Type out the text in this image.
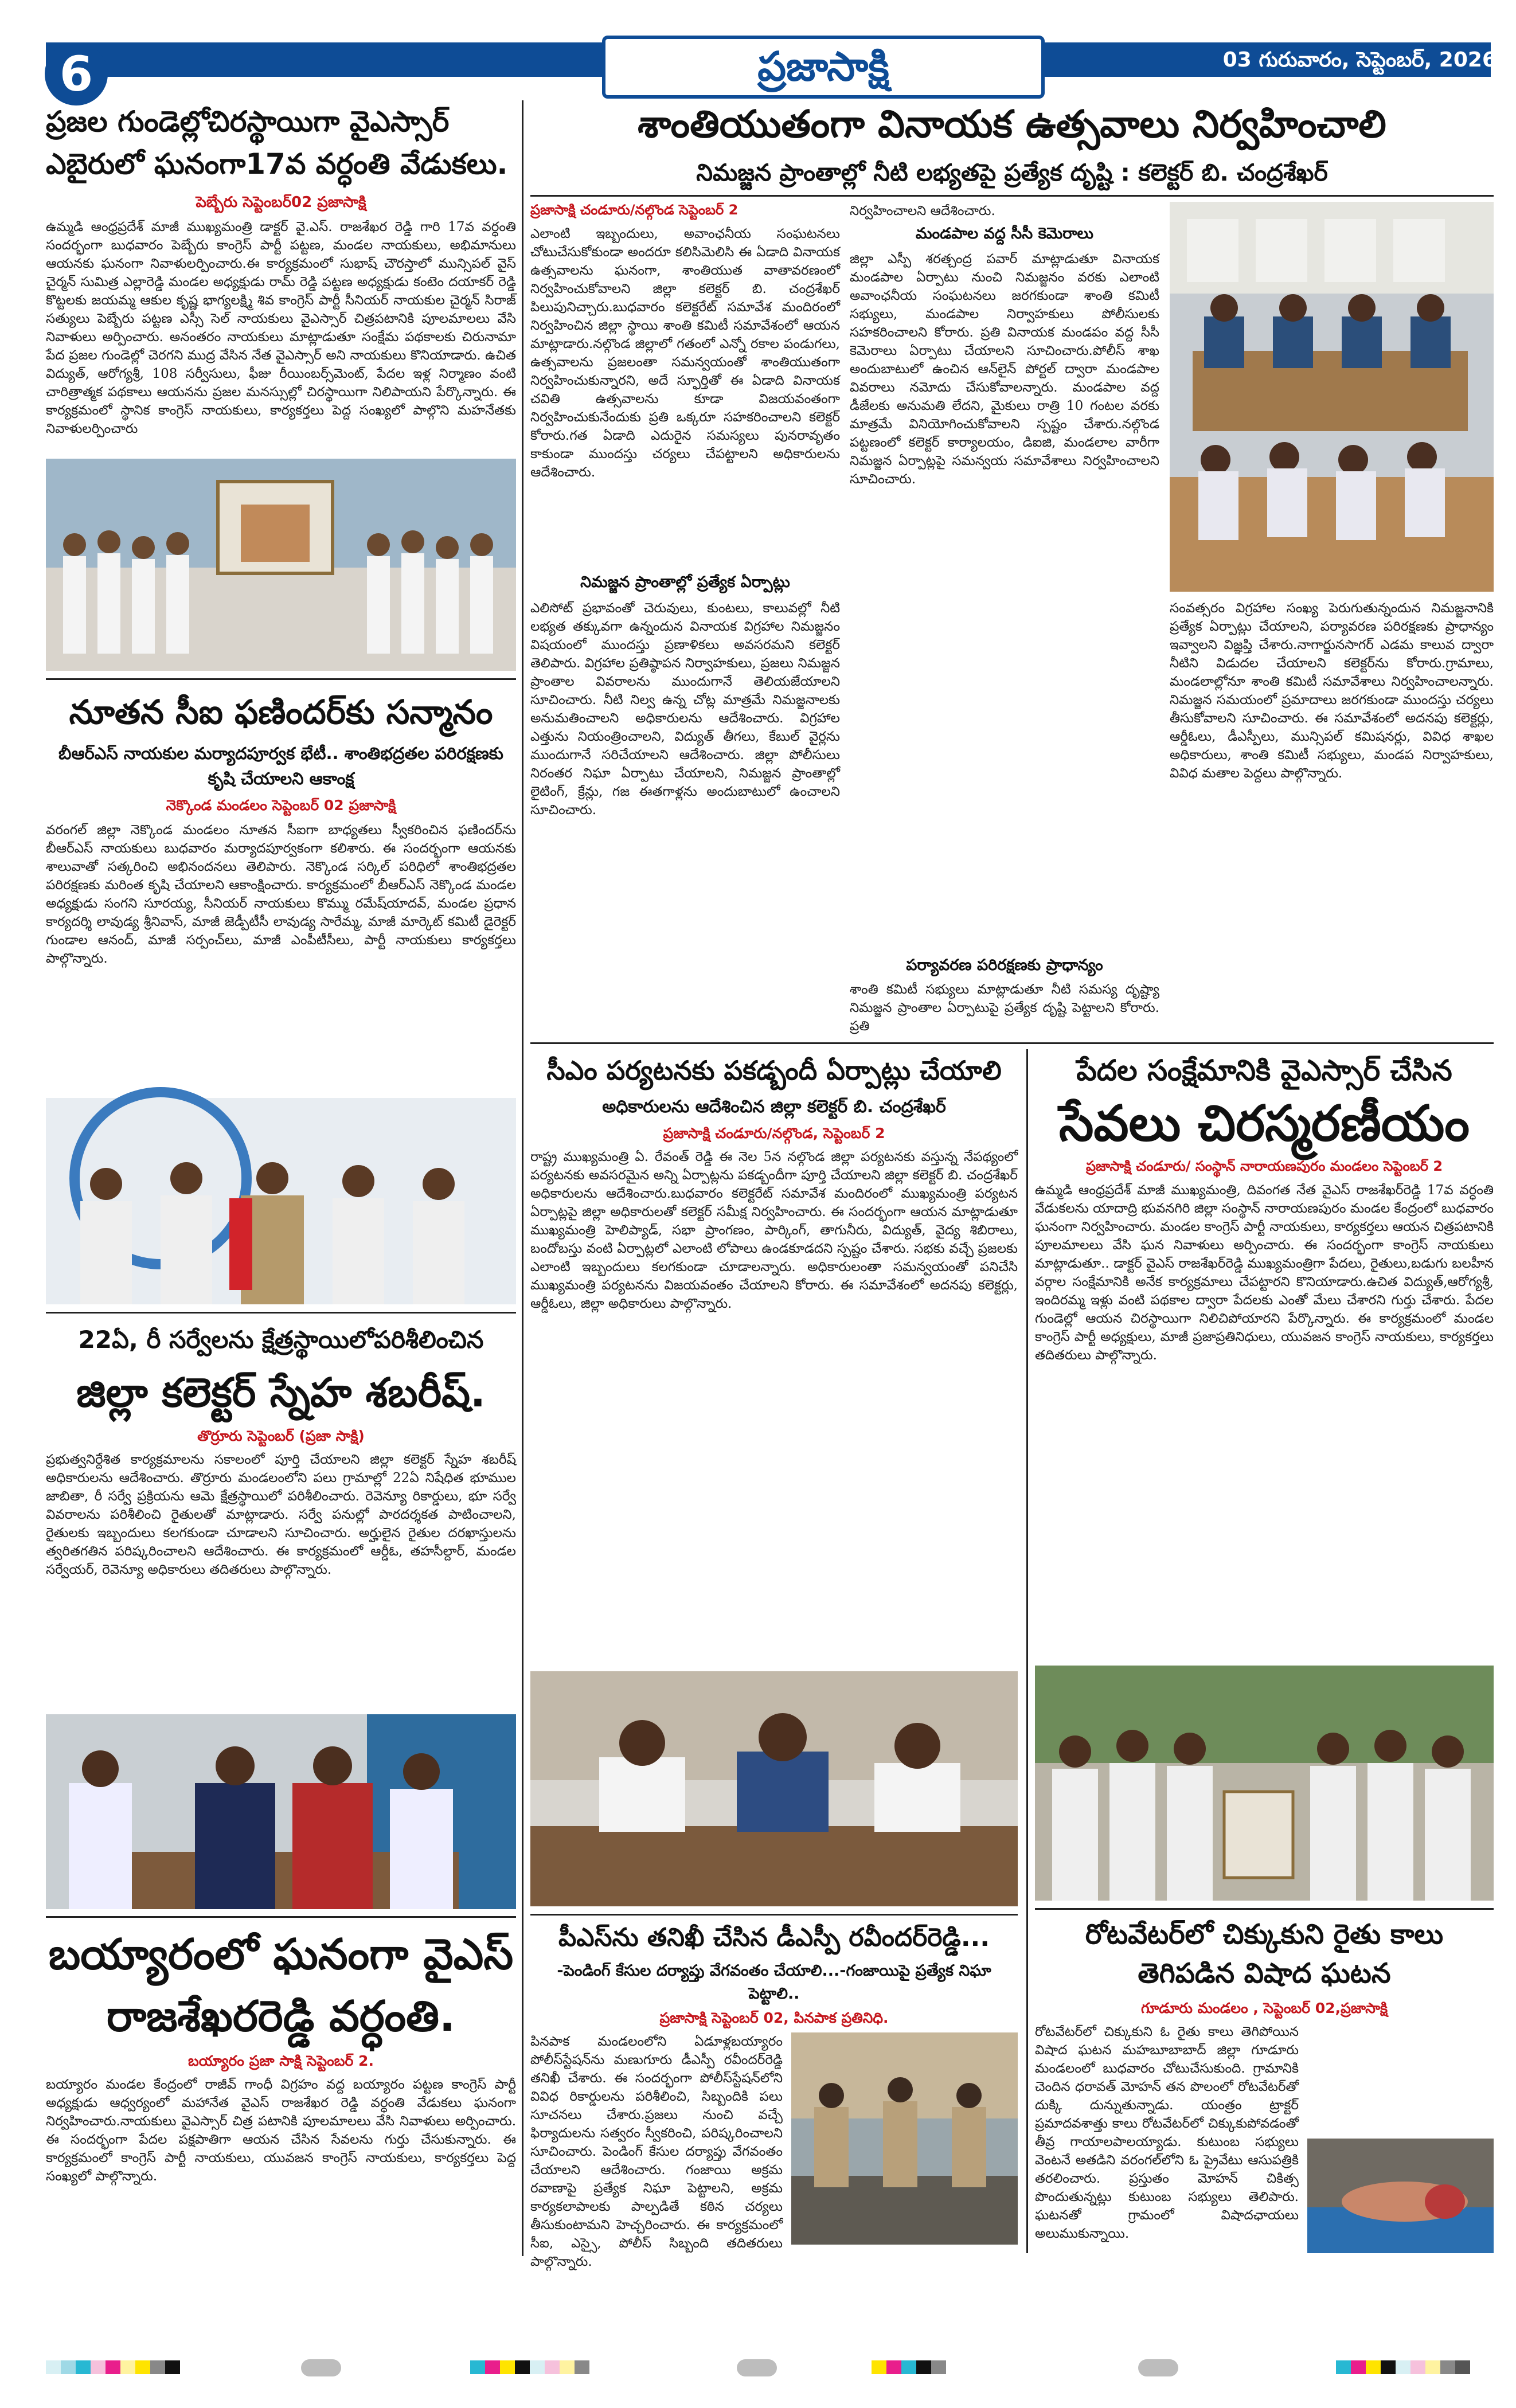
6	ప్రజాసాక్షి	03 గురువారం, సెప్టెంబర్, 2026
ప్రజల గుండెల్లోచిరస్థాయిగా వైఎస్సార్ ఎబైరులో ఘనంగా17వ వర్ధంతి వేడుకలు.
పెబ్బేరు సెప్టెంబర్02 ప్రజాసాక్షి
ఉమ్మడి ఆంధ్రప్రదేశ్ మాజీ ముఖ్యమంత్రి డాక్టర్ వై.ఎస్. రాజశేఖర రెడ్డి గారి 17వ వర్ధంతి సందర్భంగా బుధవారం పెబ్బేరు కాంగ్రెస్ పార్టీ పట్టణ, మండల నాయకులు, అభిమానులు ఆయనకు ఘనంగా నివాళులర్పించారు.ఈ కార్యక్రమంలో సుభాష్ చౌరస్తాలో మున్సిపల్ వైస్ చైర్మన్ సుమిత్ర ఎల్లారెడ్డి మండల అధ్యక్షుడు రామ్ రెడ్డి పట్టణ అధ్యక్షుడు కంటెం దయాకర్ రెడ్డి కొట్టలకు జయమ్మ ఆకుల కృష్ణ భాగ్యలక్ష్మి శివ కాంగ్రెస్ పార్టీ సీనియర్ నాయకుల చైర్మన్ సిరాజ్ సత్యులు పెబ్బేరు పట్టణ ఎస్సీ సెల్ నాయకులు వైఎస్సార్ చిత్రపటానికి పూలమాలలు వేసి నివాళులు అర్పించారు. అనంతరం నాయకులు మాట్లాడుతూ సంక్షేమ పథకాలకు చిరునామా పేద ప్రజల గుండెల్లో చెరగని ముద్ర వేసిన నేత వైఎస్సార్ అని నాయకులు కొనియాడారు. ఉచిత విద్యుత్, ఆరోగ్యశ్రీ, 108 సర్వీసులు, ఫీజు రీయింబర్స్‌మెంట్, పేదల ఇళ్ల నిర్మాణం వంటి చారిత్రాత్మక పథకాలు ఆయనను ప్రజల మనస్సుల్లో చిరస్థాయిగా నిలిపాయని పేర్కొన్నారు. ఈ కార్యక్రమంలో స్థానిక కాంగ్రెస్ నాయకులు, కార్యకర్తలు పెద్ద సంఖ్యలో పాల్గొని మహనేతకు నివాళులర్పించారు
నూతన సీఐ ఫణిందర్‌కు సన్మానం
బీఆర్ఎస్ నాయకుల మర్యాదపూర్వక భేటీ.. శాంతిభద్రతల పరిరక్షణకు కృషి చేయాలని ఆకాంక్ష
నెక్కొండ మండలం సెప్టెంబర్ 02 ప్రజాసాక్షి
వరంగల్ జిల్లా నెక్కొండ మండలం నూతన సీఐగా బాధ్యతలు స్వీకరించిన ఫణిందర్‌ను బీఆర్ఎస్ నాయకులు బుధవారం మర్యాదపూర్వకంగా కలిశారు. ఈ సందర్భంగా ఆయనకు శాలువాతో సత్కరించి అభినందనలు తెలిపారు. నెక్కొండ సర్కిల్ పరిధిలో శాంతిభద్రతల పరిరక్షణకు మరింత కృషి చేయాలని ఆకాంక్షించారు. కార్యక్రమంలో బీఆర్ఎస్ నెక్కొండ మండల అధ్యక్షుడు సంగని సూరయ్య, సీనియర్ నాయకులు కొమ్ము రమేష్‌యాదవ్, మండల ప్రధాన కార్యదర్శి లావుడ్య శ్రీనివాస్, మాజీ జెడ్పీటీసీ లావుడ్య సారేమ్మ, మాజీ మార్కెట్ కమిటీ డైరెక్టర్ గుండాల ఆనంద్, మాజీ సర్పంచ్‌లు, మాజీ ఎంపీటీసీలు, పార్టీ నాయకులు కార్యకర్తలు పాల్గొన్నారు.
22ఏ, రీ సర్వేలను క్షేత్రస్థాయిలోపరిశీలించిన
జిల్లా కలెక్టర్ స్నేహ శబరీష్.
తొర్రూరు సెప్టెంబర్ (ప్రజా సాక్షి)
ప్రభుత్వనిర్దేశిత కార్యక్రమాలను సకాలంలో పూర్తి చేయాలని జిల్లా కలెక్టర్ స్నేహ శబరీష్ అధికారులను ఆదేశించారు. తొర్రూరు మండలంలోని పలు గ్రామాల్లో 22ఏ నిషేధిత భూముల జాబితా, రీ సర్వే ప్రక్రియను ఆమె క్షేత్రస్థాయిలో పరిశీలించారు. రెవెన్యూ రికార్డులు, భూ సర్వే వివరాలను పరిశీలించి రైతులతో మాట్లాడారు. సర్వే పనుల్లో పారదర్శకత పాటించాలని, రైతులకు ఇబ్బందులు కలగకుండా చూడాలని సూచించారు. అర్హులైన రైతుల దరఖాస్తులను త్వరితగతిన పరిష్కరించాలని ఆదేశించారు. ఈ కార్యక్రమంలో ఆర్డీఓ, తహసీల్దార్, మండల సర్వేయర్, రెవెన్యూ అధికారులు తదితరులు పాల్గొన్నారు.
బయ్యారంలో ఘనంగా వైఎస్ రాజశేఖరరెడ్డి వర్ధంతి.
బయ్యారం ప్రజా సాక్షి సెప్టెంబర్ 2.
బయ్యారం మండల కేంద్రంలో రాజీవ్ గాంధీ విగ్రహం వద్ద బయ్యారం పట్టణ కాంగ్రెస్ పార్టీ అధ్యక్షుడు ఆధ్వర్యంలో మహానేత వైఎస్ రాజశేఖర రెడ్డి వర్ధంతి వేడుకలు ఘనంగా నిర్వహించారు.నాయకులు వైఎస్సార్ చిత్ర పటానికి పూలమాలలు వేసి నివాళులు అర్పించారు. ఈ సందర్భంగా పేదల పక్షపాతిగా ఆయన చేసిన సేవలను గుర్తు చేసుకున్నారు. ఈ కార్యక్రమంలో కాంగ్రెస్ పార్టీ నాయకులు, యువజన కాంగ్రెస్ నాయకులు, కార్యకర్తలు పెద్ద సంఖ్యలో పాల్గొన్నారు.
శాంతియుతంగా వినాయక ఉత్సవాలు నిర్వహించాలి
నిమజ్జన ప్రాంతాల్లో నీటి లభ్యతపై ప్రత్యేక దృష్టి : కలెక్టర్ బి. చంద్రశేఖర్
ప్రజాసాక్షి చండూరు/నల్గొండ సెప్టెంబర్ 2
ఎలాంటి ఇబ్బందులు, అవాంఛనీయ సంఘటనలు చోటుచేసుకోకుండా అందరూ కలిసిమెలిసి ఈ ఏడాది వినాయక ఉత్సవాలను ఘనంగా, శాంతియుత వాతావరణంలో నిర్వహించుకోవాలని జిల్లా కలెక్టర్ బి. చంద్రశేఖర్ పిలుపునిచ్చారు.బుధవారం కలెక్టరేట్ సమావేశ మందిరంలో నిర్వహించిన జిల్లా స్థాయి శాంతి కమిటీ సమావేశంలో ఆయన మాట్లాడారు.నల్గొండ జిల్లాలో గతంలో ఎన్నో రకాల పండుగలు, ఉత్సవాలను ప్రజలంతా సమన్వయంతో శాంతియుతంగా నిర్వహించుకున్నారని, అదే స్ఫూర్తితో ఈ ఏడాది వినాయక చవితి ఉత్సవాలను కూడా విజయవంతంగా నిర్వహించుకునేందుకు ప్రతి ఒక్కరూ సహకరించాలని కలెక్టర్ కోరారు.గత ఏడాది ఎదురైన సమస్యలు పునరావృతం కాకుండా ముందస్తు చర్యలు చేపట్టాలని అధికారులను ఆదేశించారు.
నిమజ్జన ప్రాంతాల్లో ప్రత్యేక ఏర్పాట్లు
ఎలిసోట్ ప్రభావంతో చెరువులు, కుంటలు, కాలువల్లో నీటి లభ్యత తక్కువగా ఉన్నందున వినాయక విగ్రహాల నిమజ్జనం విషయంలో ముందస్తు ప్రణాళికలు అవసరమని కలెక్టర్ తెలిపారు. విగ్రహాల ప్రతిష్ఠాపన నిర్వాహకులు, ప్రజలు నిమజ్జన ప్రాంతాల వివరాలను ముందుగానే తెలియజేయాలని సూచించారు. నీటి నిల్వ ఉన్న చోట్ల మాత్రమే నిమజ్జనాలకు అనుమతించాలని అధికారులను ఆదేశించారు. విగ్రహాల ఎత్తును నియంత్రించాలని, విద్యుత్ తీగలు, కేబుల్ వైర్లను ముందుగానే సరిచేయాలని ఆదేశించారు. జిల్లా పోలీసులు నిరంతర నిఘా ఏర్పాటు చేయాలని, నిమజ్జన ప్రాంతాల్లో లైటింగ్, క్రేన్లు, గజ ఈతగాళ్లను అందుబాటులో ఉంచాలని సూచించారు.
నిర్వహించాలని ఆదేశించారు.
మండపాల వద్ద సీసీ కెమెరాలు
జిల్లా ఎస్పీ శరత్చంద్ర పవార్ మాట్లాడుతూ వినాయక మండపాల ఏర్పాటు నుంచి నిమజ్జనం వరకు ఎలాంటి అవాంఛనీయ సంఘటనలు జరగకుండా శాంతి కమిటీ సభ్యులు, మండపాల నిర్వాహకులు పోలీసులకు సహకరించాలని కోరారు. ప్రతి వినాయక మండపం వద్ద సీసీ కెమెరాలు ఏర్పాటు చేయాలని సూచించారు.పోలీస్ శాఖ అందుబాటులో ఉంచిన ఆన్‌లైన్ పోర్టల్ ద్వారా మండపాల వివరాలు నమోదు చేసుకోవాలన్నారు. మండపాల వద్ద డీజేలకు అనుమతి లేదని, మైకులు రాత్రి 10 గంటల వరకు మాత్రమే వినియోగించుకోవాలని స్పష్టం చేశారు.నల్గొండ పట్టణంలో కలెక్టర్ కార్యాలయం, డిఐజి, మండలాల వారీగా నిమజ్జన ఏర్పాట్లపై సమన్వయ సమావేశాలు నిర్వహించాలని సూచించారు.
పర్యావరణ పరిరక్షణకు ప్రాధాన్యం
శాంతి కమిటీ సభ్యులు మాట్లాడుతూ నీటి సమస్య దృష్ట్యా నిమజ్జన ప్రాంతాల ఏర్పాటుపై ప్రత్యేక దృష్టి పెట్టాలని కోరారు. ప్రతి
సంవత్సరం విగ్రహాల సంఖ్య పెరుగుతున్నందున నిమజ్జనానికి ప్రత్యేక ఏర్పాట్లు చేయాలని, పర్యావరణ పరిరక్షణకు ప్రాధాన్యం ఇవ్వాలని విజ్ఞప్తి చేశారు.నాగార్జునసాగర్ ఎడమ కాలువ ద్వారా నీటిని విడుదల చేయాలని కలెక్టర్‌ను కోరారు.గ్రామాలు, మండలాల్లోనూ శాంతి కమిటీ సమావేశాలు నిర్వహించాలన్నారు. నిమజ్జన సమయంలో ప్రమాదాలు జరగకుండా ముందస్తు చర్యలు తీసుకోవాలని సూచించారు. ఈ సమావేశంలో అదనపు కలెక్టర్లు, ఆర్డీఓలు, డీఎస్పీలు, మున్సిపల్ కమిషనర్లు, వివిధ శాఖల అధికారులు, శాంతి కమిటీ సభ్యులు, మండప నిర్వాహకులు, వివిధ మతాల పెద్దలు పాల్గొన్నారు.
సీఎం పర్యటనకు పకడ్బందీ ఏర్పాట్లు చేయాలి
అధికారులను ఆదేశించిన జిల్లా కలెక్టర్ బి. చంద్రశేఖర్
ప్రజాసాక్షి చండూరు/నల్గొండ, సెప్టెంబర్ 2
రాష్ట్ర ముఖ్యమంత్రి ఏ. రేవంత్ రెడ్డి ఈ నెల 5న నల్గొండ జిల్లా పర్యటనకు వస్తున్న నేపథ్యంలో పర్యటనకు అవసరమైన అన్ని ఏర్పాట్లను పకడ్బందీగా పూర్తి చేయాలని జిల్లా కలెక్టర్ బి. చంద్రశేఖర్ అధికారులను ఆదేశించారు.బుధవారం కలెక్టరేట్ సమావేశ మందిరంలో ముఖ్యమంత్రి పర్యటన ఏర్పాట్లపై జిల్లా అధికారులతో కలెక్టర్ సమీక్ష నిర్వహించారు. ఈ సందర్భంగా ఆయన మాట్లాడుతూ ముఖ్యమంత్రి హెలిప్యాడ్, సభా ప్రాంగణం, పార్కింగ్, తాగునీరు, విద్యుత్, వైద్య శిబిరాలు, బందోబస్తు వంటి ఏర్పాట్లలో ఎలాంటి లోపాలు ఉండకూడదని స్పష్టం చేశారు. సభకు వచ్చే ప్రజలకు ఎలాంటి ఇబ్బందులు కలగకుండా చూడాలన్నారు. అధికారులంతా సమన్వయంతో పనిచేసి ముఖ్యమంత్రి పర్యటనను విజయవంతం చేయాలని కోరారు. ఈ సమావేశంలో అదనపు కలెక్టర్లు, ఆర్డీఓలు, జిల్లా అధికారులు పాల్గొన్నారు.
పీఎస్‌ను తనిఖీ చేసిన డీఎస్పీ రవీందర్‌రెడ్డి...
-పెండింగ్ కేసుల దర్యాప్తు వేగవంతం చేయాలి...-గంజాయిపై ప్రత్యేక నిఘా పెట్టాలి..
ప్రజాసాక్షి సెప్టెంబర్ 02, పినపాక ప్రతినిధి.
పినపాక మండలంలోని ఏడూళ్లబయ్యారం పోలీస్‌స్టేషన్‌ను మణుగూరు డీఎస్పీ రవీందర్‌రెడ్డి తనిఖీ చేశారు. ఈ సందర్భంగా పోలీస్‌స్టేషన్‌లోని వివిధ రికార్డులను పరిశీలించి, సిబ్బందికి పలు సూచనలు చేశారు.ప్రజలు నుంచి వచ్చే ఫిర్యాదులను సత్వరం స్వీకరించి, పరిష్కరించాలని సూచించారు. పెండింగ్ కేసుల దర్యాప్తు వేగవంతం చేయాలని ఆదేశించారు. గంజాయి అక్రమ రవాణాపై ప్రత్యేక నిఘా పెట్టాలని, అక్రమ కార్యకలాపాలకు పాల్పడితే కఠిన చర్యలు తీసుకుంటామని హెచ్చరించారు. ఈ కార్యక్రమంలో సీఐ, ఎస్సై, పోలీస్ సిబ్బంది తదితరులు పాల్గొన్నారు.
పేదల సంక్షేమానికి వైఎస్సార్ చేసిన
సేవలు చిరస్మరణీయం
ప్రజాసాక్షి చండూరు/ సంస్థాన్ నారాయణపురం మండలం సెప్టెంబర్ 2
ఉమ్మడి ఆంధ్రప్రదేశ్ మాజీ ముఖ్యమంత్రి, దివంగత నేత వైఎస్ రాజశేఖర్‌రెడ్డి 17వ వర్ధంతి వేడుకలను యాదాద్రి భువనగిరి జిల్లా సంస్థాన్ నారాయణపురం మండల కేంద్రంలో బుధవారం ఘనంగా నిర్వహించారు. మండల కాంగ్రెస్ పార్టీ నాయకులు, కార్యకర్తలు ఆయన చిత్రపటానికి పూలమాలలు వేసి ఘన నివాళులు అర్పించారు. ఈ సందర్భంగా కాంగ్రెస్ నాయకులు మాట్లాడుతూ.. డాక్టర్ వైఎస్ రాజశేఖర్‌రెడ్డి ముఖ్యమంత్రిగా పేదలు, రైతులు,బడుగు బలహీన వర్గాల సంక్షేమానికి అనేక కార్యక్రమాలు చేపట్టారని కొనియాడారు.ఉచిత విద్యుత్,ఆరోగ్యశ్రీ, ఇందిరమ్మ ఇళ్లు వంటి పథకాల ద్వారా పేదలకు ఎంతో మేలు చేశారని గుర్తు చేశారు. పేదల గుండెల్లో ఆయన చిరస్థాయిగా నిలిచిపోయారని పేర్కొన్నారు. ఈ కార్యక్రమంలో మండల కాంగ్రెస్ పార్టీ అధ్యక్షులు, మాజీ ప్రజాప్రతినిధులు, యువజన కాంగ్రెస్ నాయకులు, కార్యకర్తలు తదితరులు పాల్గొన్నారు.
రోటవేటర్‌లో చిక్కుకుని రైతు కాలు తెగిపడిన విషాద ఘటన
గూడూరు మండలం , సెప్టెంబర్ 02,ప్రజాసాక్షి
రోటవేటర్‌లో చిక్కుకుని ఓ రైతు కాలు తెగిపోయిన విషాద ఘటన మహబూబాబాద్ జిల్లా గూడూరు మండలంలో బుధవారం చోటుచేసుకుంది. గ్రామానికి చెందిన ధరావత్ మోహన్ తన పొలంలో రోటవేటర్‌తో దుక్కి దున్నుతున్నాడు. యంత్రం ట్రాక్టర్ ప్రమాదవశాత్తు కాలు రోటవేటర్‌లో చిక్కుకుపోవడంతో తీవ్ర గాయాలపాలయ్యాడు. కుటుంబ సభ్యులు వెంటనే అతడిని వరంగల్‌లోని ఓ ప్రైవేటు ఆసుపత్రికి తరలించారు. ప్రస్తుతం మోహన్ చికిత్స పొందుతున్నట్లు కుటుంబ సభ్యులు తెలిపారు. ఘటనతో గ్రామంలో విషాదఛాయలు అలుముకున్నాయి.
